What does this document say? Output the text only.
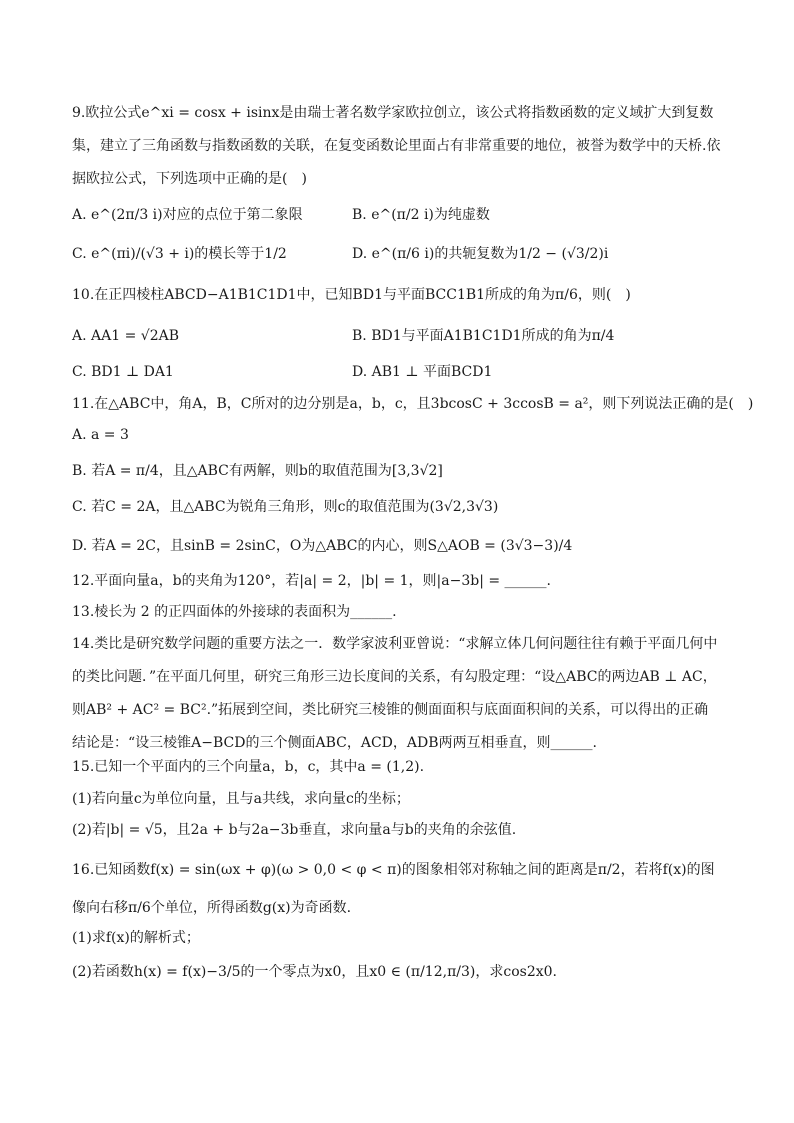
9.欧拉公式e^xi = cosx + isinx是由瑞士著名数学家欧拉创立，该公式将指数函数的定义域扩大到复数集，建立了三角函数与指数函数的关联，在复变函数论里面占有非常重要的地位，被誉为数学中的天桥.依据欧拉公式，下列选项中正确的是(　)
A. e^(2π/3 i)对应的点位于第二象限	B. e^(π/2 i)为纯虚数
C. e^(πi)/(√3 + i)的模长等于1/2	D. e^(π/6 i)的共轭复数为1/2 − (√3/2)i
10.在正四棱柱ABCD−A1B1C1D1中，已知BD1与平面BCC1B1所成的角为π/6，则(　)
A. AA1 = √2AB	B. BD1与平面A1B1C1D1所成的角为π/4
C. BD1 ⊥ DA1	D. AB1 ⊥ 平面BCD1
11.在△ABC中，角A，B，C所对的边分别是a，b，c，且3bcosC + 3ccosB = a²，则下列说法正确的是(　)
A. a = 3
B. 若A = π/4，且△ABC有两解，则b的取值范围为[3,3√2]
C. 若C = 2A，且△ABC为锐角三角形，则c的取值范围为(3√2,3√3)
D. 若A = 2C，且sinB = 2sinC，O为△ABC的内心，则S△AOB = (3√3−3)/4
12.平面向量a，b的夹角为120°，若|a| = 2，|b| = 1，则|a−3b| = ______.
13.棱长为 2 的正四面体的外接球的表面积为______.
14.类比是研究数学问题的重要方法之一．数学家波利亚曾说：“求解立体几何问题往往有赖于平面几何中的类比问题．”在平面几何里，研究三角形三边长度间的关系，有勾股定理：“设△ABC的两边AB ⊥ AC，则AB² + AC² = BC².”拓展到空间，类比研究三棱锥的侧面面积与底面面积间的关系，可以得出的正确结论是：“设三棱锥A−BCD的三个侧面ABC，ACD，ADB两两互相垂直，则______.
15.已知一个平面内的三个向量a，b，c，其中a = (1,2).
(1)若向量c为单位向量，且与a共线，求向量c的坐标；
(2)若|b| = √5，且2a + b与2a−3b垂直，求向量a与b的夹角的余弦值.
16.已知函数f(x) = sin(ωx + φ)(ω > 0,0 < φ < π)的图象相邻对称轴之间的距离是π/2，若将f(x)的图像向右移π/6个单位，所得函数g(x)为奇函数.
(1)求f(x)的解析式；
(2)若函数h(x) = f(x)−3/5的一个零点为x0，且x0 ∈ (π/12,π/3)，求cos2x0.
